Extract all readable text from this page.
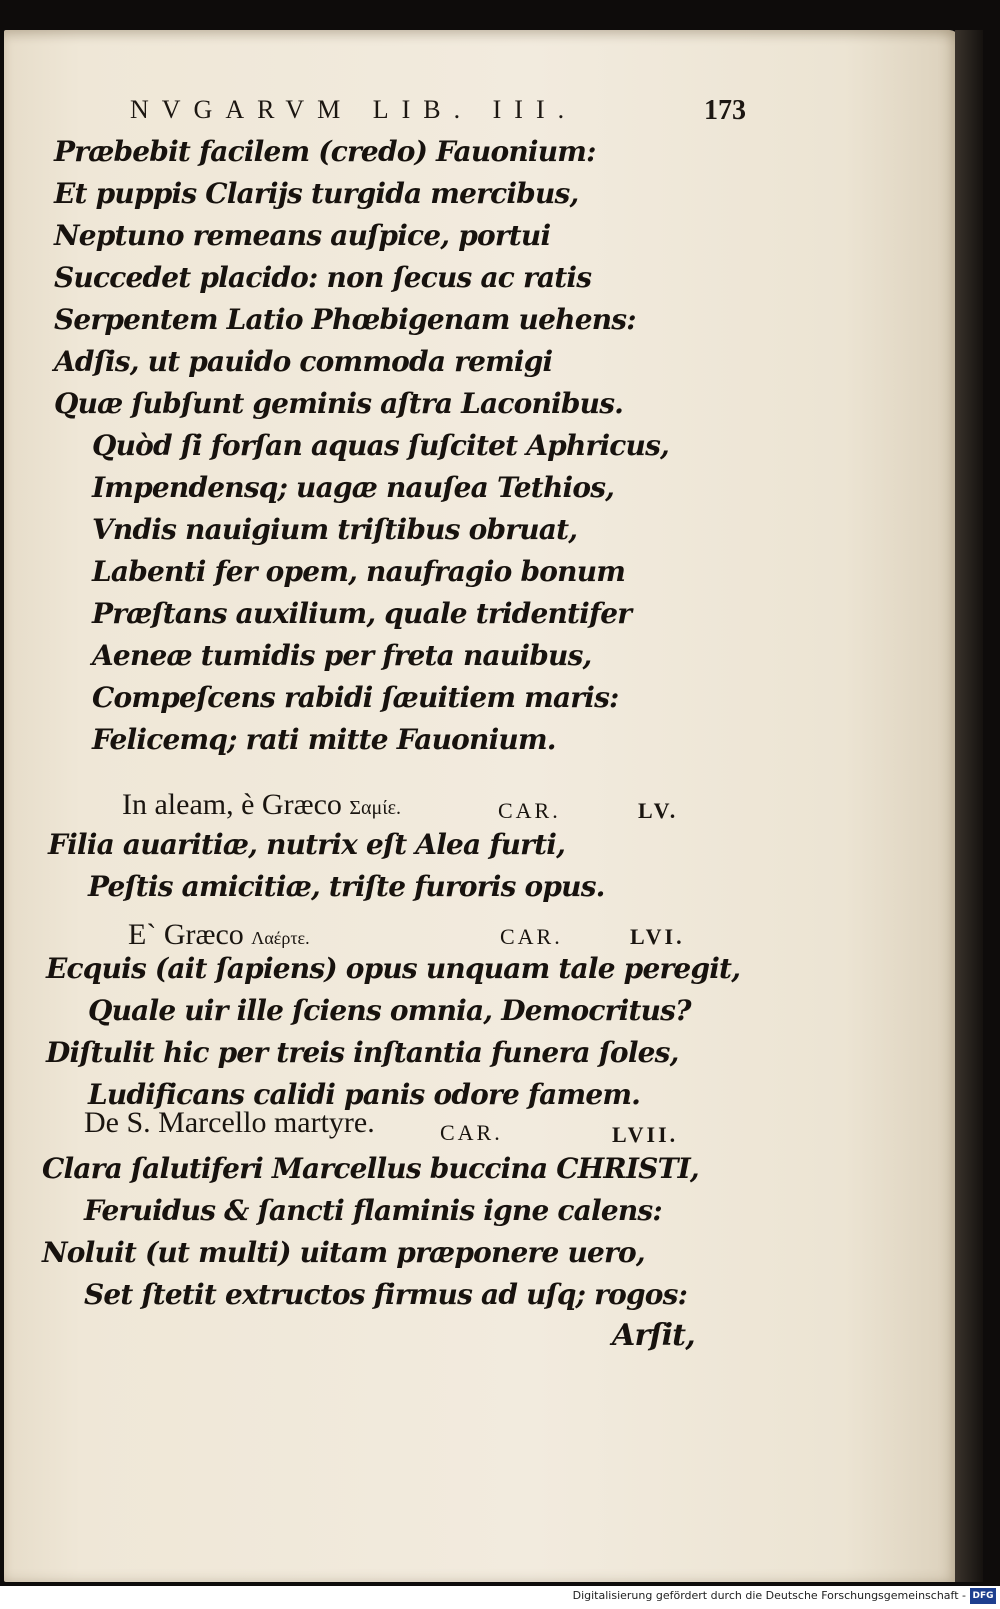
NVGARVM LIB. III.	173
Præbebit facilem (credo) Fauonium:
Et puppis Clarijs turgida mercibus,
Neptuno remeans auſpice, portui
Succedet placido: non ſecus ac ratis
Serpentem Latio Phœbigenam uehens:
Adſis, ut pauido commoda remigi
Quæ ſubſunt geminis aſtra Laconibus.
Quòd ſi forſan aquas ſuſcitet Aphricus,
Impendensq; uagæ nauſea Tethios,
Vndis nauigium triſtibus obruat,
Labenti fer opem, naufragio bonum
Præſtans auxilium, quale tridentifer
Aeneæ tumidis per freta nauibus,
Compeſcens rabidi ſæuitiem maris:
Felicemq; rati mitte Fauonium.
In aleam, è Græco Σαμίε.	CAR.	LV.
Filia auaritiæ, nutrix eſt Alea furti,
Peſtis amicitiæ, triſte furoris opus.
E` Græco Λαέρτε.	CAR.	LVI.
Ecquis (ait ſapiens) opus unquam tale peregit,
Quale uir ille ſciens omnia, Democritus?
Diſtulit hic per treis inſtantia funera ſoles,
Ludificans calidi panis odore famem.
De S. Marcello martyre.	CAR.	LVII.
Clara ſalutiferi Marcellus buccina CHRISTI,
Feruidus & ſancti flaminis igne calens:
Noluit (ut multi) uitam præponere uero,
Set ſtetit extructos firmus ad uſq; rogos:
Arſit,
Digitalisierung gefördert durch die Deutsche Forschungsgemeinschaft - DFG
